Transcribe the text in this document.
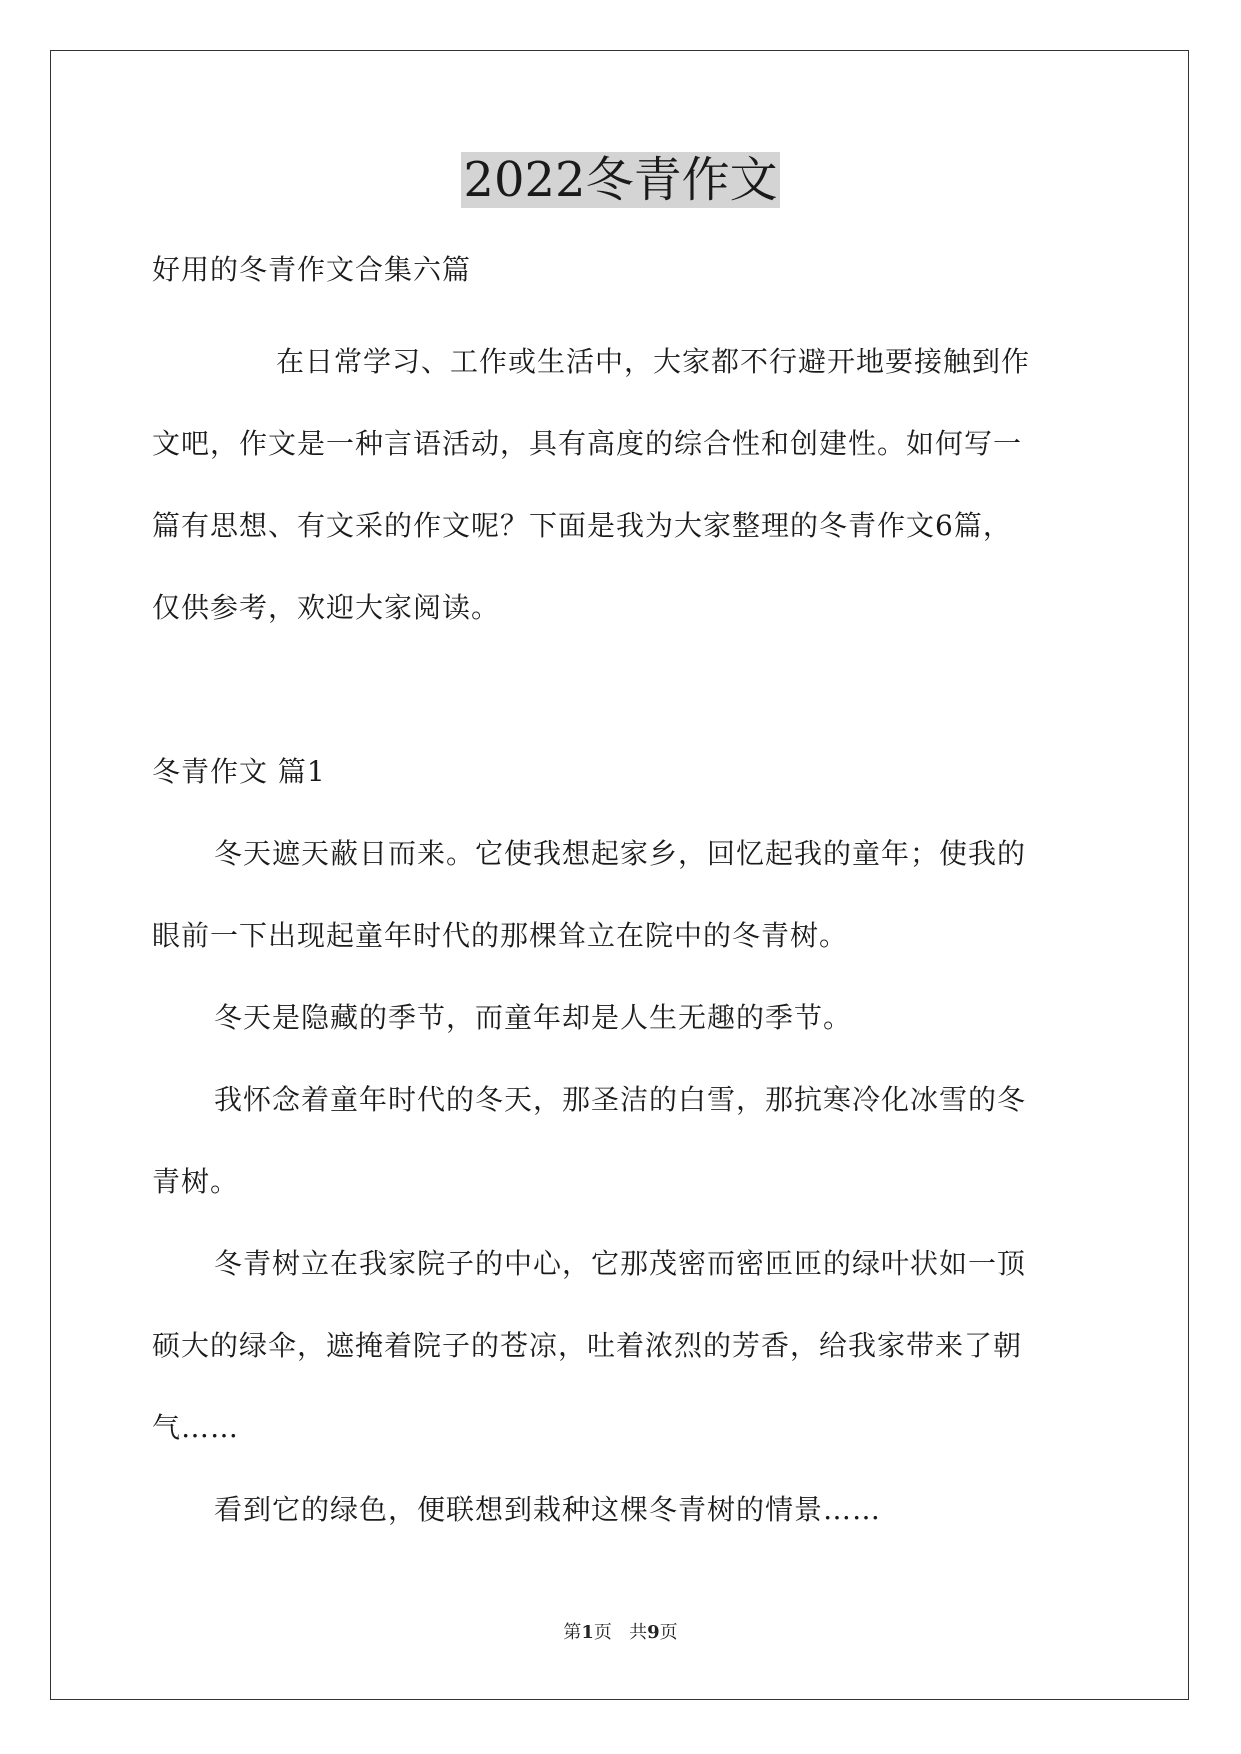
2022冬青作文

好用的冬青作文合集六篇

在日常学习、工作或生活中，大家都不行避开地要接触到作

文吧，作文是一种言语活动，具有高度的综合性和创建性。如何写一

篇有思想、有文采的作文呢？下面是我为大家整理的冬青作文6篇，

仅供参考，欢迎大家阅读。

冬青作文 篇1

冬天遮天蔽日而来。它使我想起家乡，回忆起我的童年；使我的

眼前一下出现起童年时代的那棵耸立在院中的冬青树。

冬天是隐藏的季节，而童年却是人生无趣的季节。

我怀念着童年时代的冬天，那圣洁的白雪，那抗寒冷化冰雪的冬

青树。

冬青树立在我家院子的中心，它那茂密而密匝匝的绿叶状如一顶

硕大的绿伞，遮掩着院子的苍凉，吐着浓烈的芳香，给我家带来了朝

气……

看到它的绿色，便联想到栽种这棵冬青树的情景……

第1页 共9页
